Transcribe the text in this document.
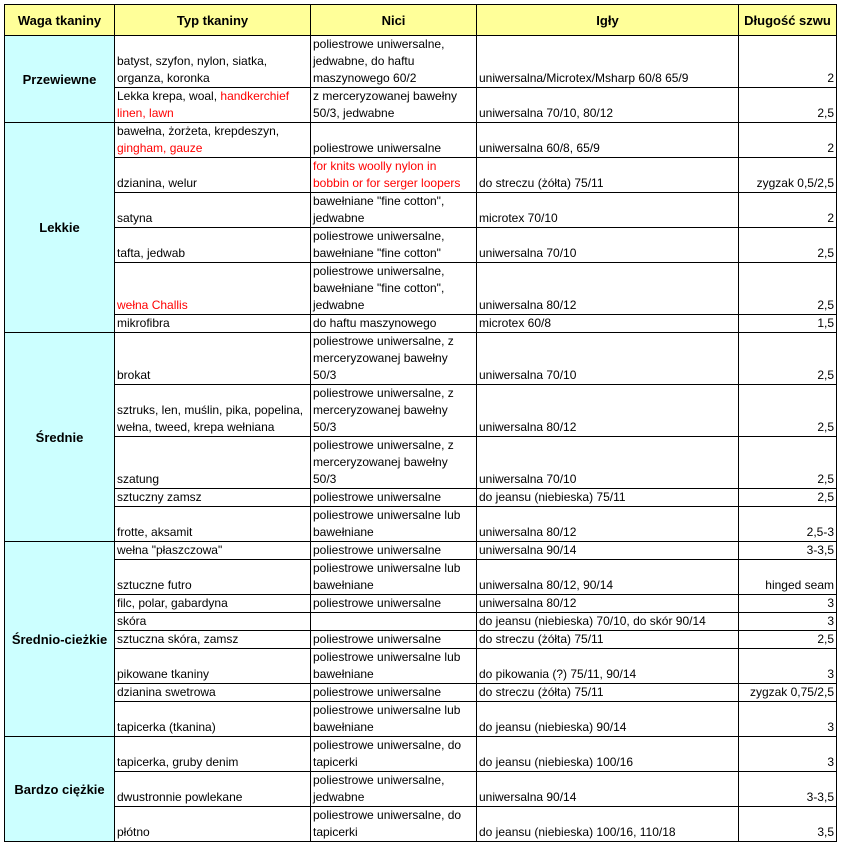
Waga tkaniny	Typ tkaniny	Nici	Igły	Długość szwu
Przewiewne	batyst, szyfon, nylon, siatka, organza, koronka	poliestrowe uniwersalne, jedwabne, do haftu maszynowego 60/2	uniwersalna/Microtex/Msharp 60/8 65/9	2
	Lekka krepa, woal, handkerchief linen, lawn	z merceryzowanej bawełny 50/3, jedwabne	uniwersalna 70/10, 80/12	2,5
Lekkie	bawełna, żorżeta, krepdeszyn, gingham, gauze	poliestrowe uniwersalne	uniwersalna 60/8, 65/9	2
	dzianina, welur	for knits woolly nylon in bobbin or for serger loopers	do streczu (żółta) 75/11	zygzak 0,5/2,5
	satyna	bawełniane "fine cotton", jedwabne	microtex 70/10	2
	tafta, jedwab	poliestrowe uniwersalne, bawełniane "fine cotton"	uniwersalna 70/10	2,5
	wełna Challis	poliestrowe uniwersalne, bawełniane "fine cotton", jedwabne	uniwersalna 80/12	2,5
	mikrofibra	do haftu maszynowego	microtex 60/8	1,5
Średnie	brokat	poliestrowe uniwersalne, z merceryzowanej bawełny 50/3	uniwersalna 70/10	2,5
	sztruks, len, muślin, pika, popelina, wełna, tweed, krepa wełniana	poliestrowe uniwersalne, z merceryzowanej bawełny 50/3	uniwersalna 80/12	2,5
	szatung	poliestrowe uniwersalne, z merceryzowanej bawełny 50/3	uniwersalna 70/10	2,5
	sztuczny zamsz	poliestrowe uniwersalne	do jeansu (niebieska) 75/11	2,5
	frotte, aksamit	poliestrowe uniwersalne lub bawełniane	uniwersalna 80/12	2,5-3
Średnio-cieżkie	wełna "płaszczowa"	poliestrowe uniwersalne	uniwersalna 90/14	3-3,5
	sztuczne futro	poliestrowe uniwersalne lub bawełniane	uniwersalna 80/12, 90/14	hinged seam
	filc, polar, gabardyna	poliestrowe uniwersalne	uniwersalna 80/12	3
	skóra		do jeansu (niebieska) 70/10, do skór 90/14	3
	sztuczna skóra, zamsz	poliestrowe uniwersalne	do streczu (żółta) 75/11	2,5
	pikowane tkaniny	poliestrowe uniwersalne lub bawełniane	do pikowania (?) 75/11, 90/14	3
	dzianina swetrowa	poliestrowe uniwersalne	do streczu (żółta) 75/11	zygzak 0,75/2,5
	tapicerka (tkanina)	poliestrowe uniwersalne lub bawełniane	do jeansu (niebieska) 90/14	3
Bardzo ciężkie	tapicerka, gruby denim	poliestrowe uniwersalne, do tapicerki	do jeansu (niebieska) 100/16	3
	dwustronnie powlekane	poliestrowe uniwersalne, jedwabne	uniwersalna 90/14	3-3,5
	płótno	poliestrowe uniwersalne, do tapicerki	do jeansu (niebieska) 100/16, 110/18	3,5
